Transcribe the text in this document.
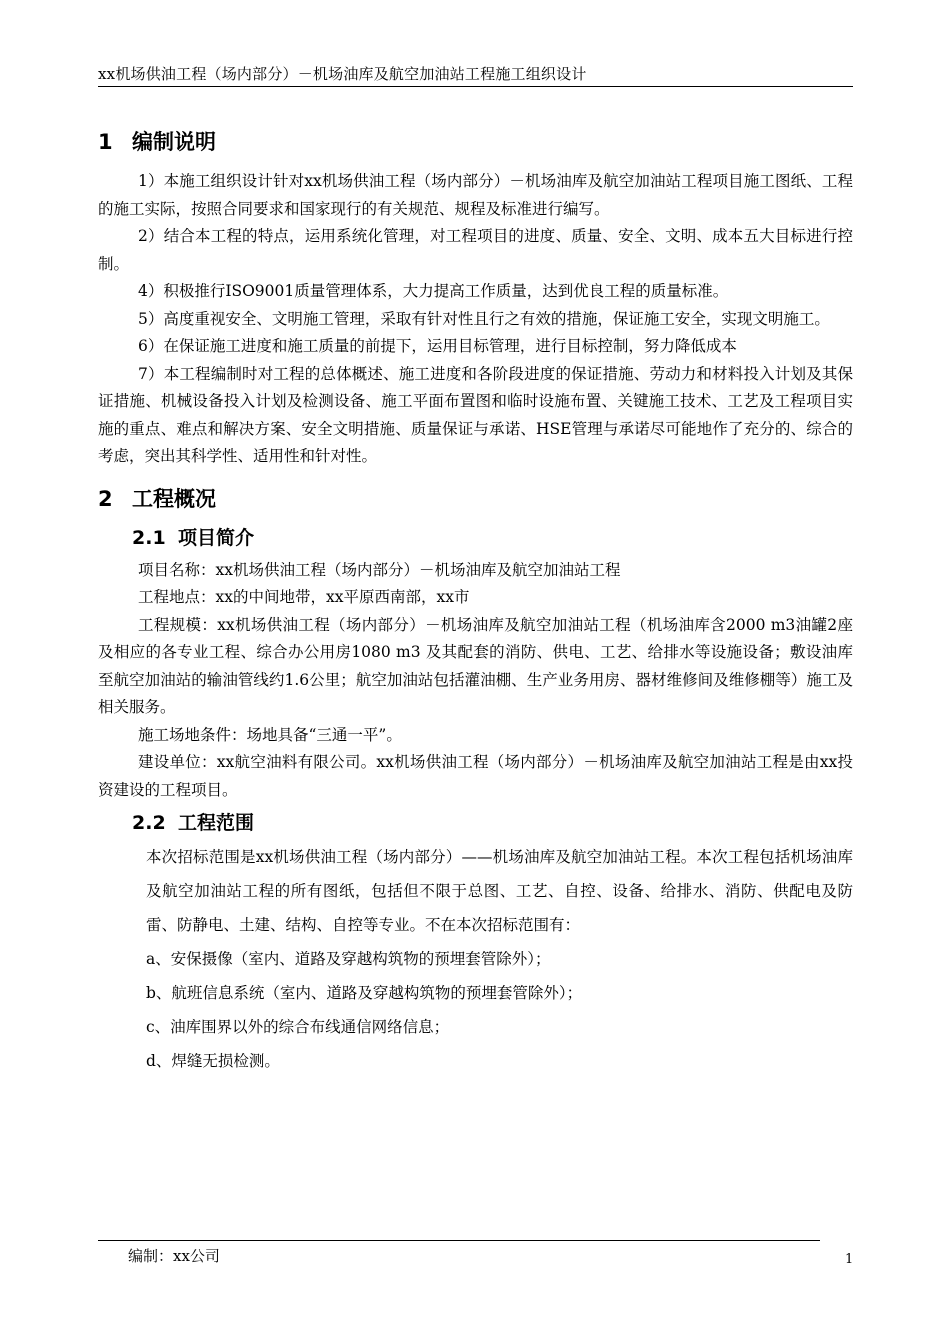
xx机场供油工程（场内部分）－机场油库及航空加油站工程施工组织设计
1 编制说明

1）本施工组织设计针对xx机场供油工程（场内部分）－机场油库及航空加油站工程项目施工图纸、工程的施工实际，按照合同要求和国家现行的有关规范、规程及标准进行编写。

2）结合本工程的特点，运用系统化管理，对工程项目的进度、质量、安全、文明、成本五大目标进行控制。

4）积极推行ISO9001质量管理体系，大力提高工作质量，达到优良工程的质量标准。

5）高度重视安全、文明施工管理，采取有针对性且行之有效的措施，保证施工安全，实现文明施工。

6）在保证施工进度和施工质量的前提下，运用目标管理，进行目标控制，努力降低成本

7）本工程编制时对工程的总体概述、施工进度和各阶段进度的保证措施、劳动力和材料投入计划及其保证措施、机械设备投入计划及检测设备、施工平面布置图和临时设施布置、关键施工技术、工艺及工程项目实施的重点、难点和解决方案、安全文明措施、质量保证与承诺、HSE管理与承诺尽可能地作了充分的、综合的考虑，突出其科学性、适用性和针对性。

2 工程概况
2.1 项目简介

项目名称：xx机场供油工程（场内部分）－机场油库及航空加油站工程

工程地点：xx的中间地带，xx平原西南部，xx市

工程规模：xx机场供油工程（场内部分）－机场油库及航空加油站工程（机场油库含2000 m3油罐2座及相应的各专业工程、综合办公用房1080 m3 及其配套的消防、供电、工艺、给排水等设施设备；敷设油库至航空加油站的输油管线约1.6公里；航空加油站包括灌油棚、生产业务用房、器材维修间及维修棚等）施工及相关服务。

施工场地条件：场地具备“三通一平”。

建设单位：xx航空油料有限公司。xx机场供油工程（场内部分）－机场油库及航空加油站工程是由xx投资建设的工程项目。

2.2 工程范围

本次招标范围是xx机场供油工程（场内部分）——机场油库及航空加油站工程。本次工程包括机场油库及航空加油站工程的所有图纸，包括但不限于总图、工艺、自控、设备、给排水、消防、供配电及防雷、防静电、土建、结构、自控等专业。不在本次招标范围有：

a、安保摄像（室内、道路及穿越构筑物的预埋套管除外）；

b、航班信息系统（室内、道路及穿越构筑物的预埋套管除外）；

c、油库围界以外的综合布线通信网络信息；

d、焊缝无损检测。

编制：xx公司	1
